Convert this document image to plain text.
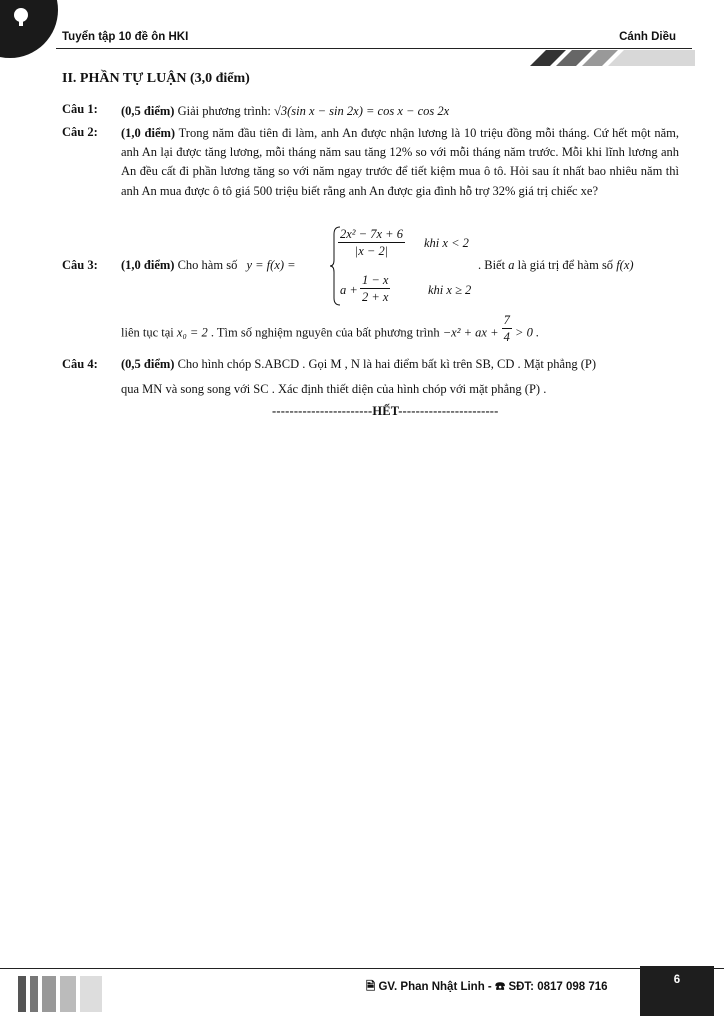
Tuyển tập 10 đề ôn HKI	Cánh Diều
II. PHẦN TỰ LUẬN (3,0 điểm)
Câu 1: (0,5 điểm) Giải phương trình: √3(sin x − sin 2x) = cos x − cos 2x
Câu 2: (1,0 điểm) Trong năm đầu tiên đi làm, anh An được nhận lương là 10 triệu đồng mỗi tháng. Cứ hết một năm, anh An lại được tăng lương, mỗi tháng năm sau tăng 12% so với mỗi tháng năm trước. Mỗi khi lĩnh lương anh An đều cất đi phần lương tăng so với năm ngay trước để tiết kiệm mua ô tô. Hỏi sau ít nhất bao nhiêu năm thì anh An mua được ô tô giá 500 triệu biết rằng anh An được gia đình hỗ trợ 32% giá trị chiếc xe?
Câu 3: (1,0 điểm) Cho hàm số y = f(x) =
$\frac{\text{2x² − 7x + 6}}{|x - 2|}$ khi x < 2
$a + \frac{1 - x}{2 + x}$	khi x ≥ 2
. Biết a là giá trị để hàm số f(x)
liên tục tại x₀ = 2 . Tìm số nghiệm nguyên của bất phương trình −x² + ax + $\frac{7}{4} > 0$ .
Câu 4: (0,5 điểm) Cho hình chóp S.ABCD . Gọi M , N là hai điểm bất kì trên SB, CD . Mặt phẳng (P)
qua MN và song song với SC . Xác định thiết diện của hình chóp với mặt phẳng (P) .
-----------------------HẾT-----------------------
🗎 GV. Phan Nhật Linh - ☎ SĐT: 0817 098 716
6
